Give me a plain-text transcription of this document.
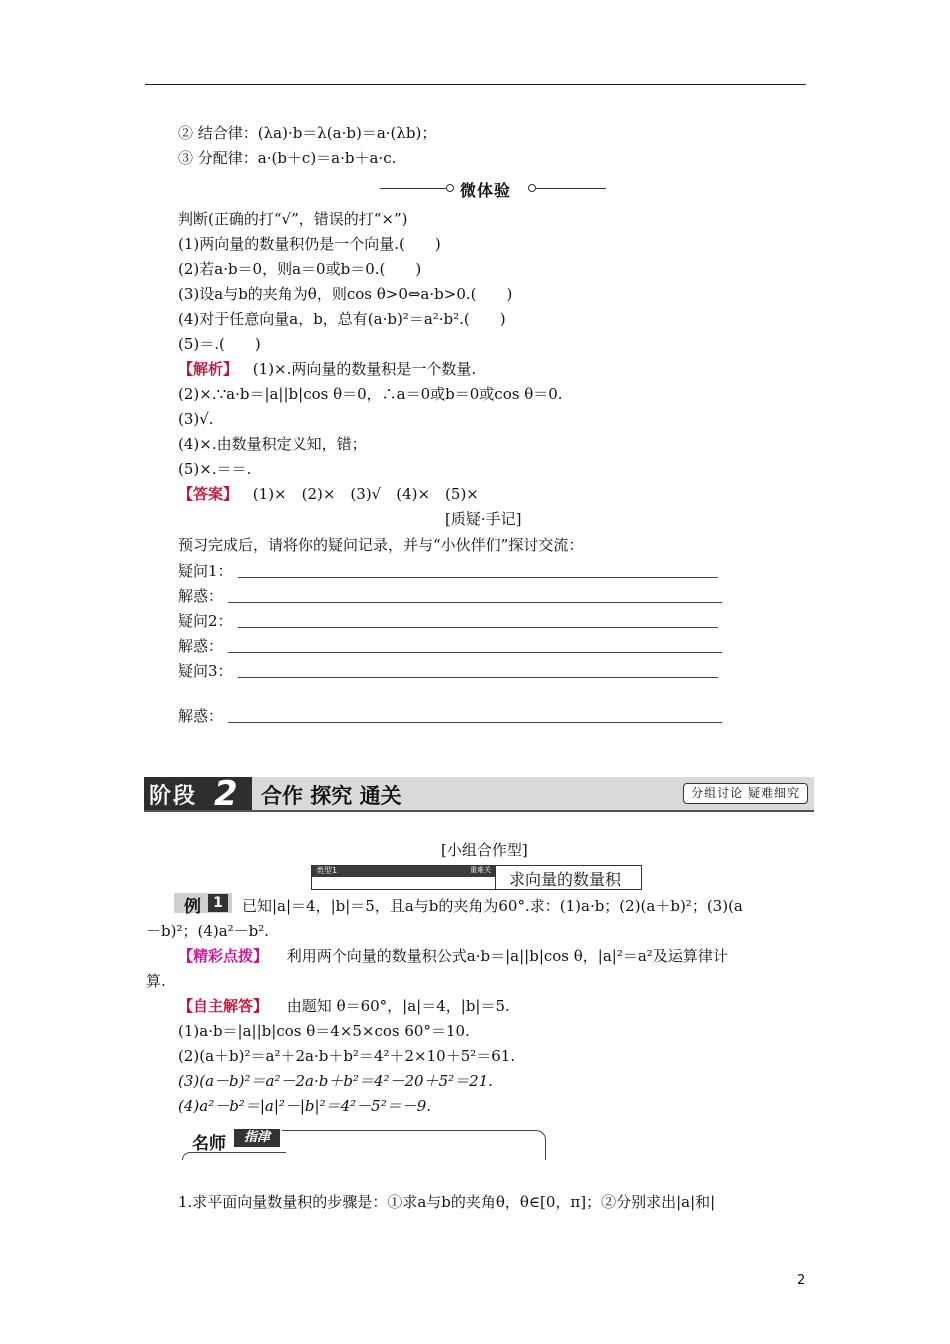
② 结合律：(λa)·b＝λ(a·b)＝a·(λb)；
③ 分配律：a·(b＋c)＝a·b＋a·c.
微体验
判断(正确的打“√”，错误的打“×”)
(1)两向量的数量积仍是一个向量.(　　)
(2)若a·b＝0，则a＝0或b＝0.(　　)
(3)设a与b的夹角为θ，则cos θ>0⇔a·b>0.(　　)
(4)对于任意向量a，b，总有(a·b)²＝a²·b².(　　)
(5)＝.(　　)
【解析】 (1)×.两向量的数量积是一个数量.
(2)×.∵a·b＝|a||b|cos θ＝0，∴a＝0或b＝0或cos θ＝0.
(3)√.
(4)×.由数量积定义知，错；
(5)×.＝＝.
【答案】 (1)×　(2)×　(3)√　(4)×　(5)×
[质疑·手记]
预习完成后，请将你的疑问记录，并与“小伙伴们”探讨交流：
疑问1：
解惑：
疑问2：
解惑：
疑问3：
解惑：
阶段 2 合作 探究 通关	分组讨论 疑难细究
[小组合作型]
类型1	重难关 求向量的数量积
例 1	已知|a|＝4，|b|＝5，且a与b的夹角为60°.求：(1)a·b；(2)(a＋b)²；(3)(a
－b)²；(4)a²－b².
【精彩点拨】 利用两个向量的数量积公式a·b＝|a||b|cos θ，|a|²＝a²及运算律计
算.
【自主解答】 由题知 θ＝60°，|a|＝4，|b|＝5.
(1)a·b＝|a||b|cos θ＝4×5×cos 60°＝10.
(2)(a＋b)²＝a²＋2a·b＋b²＝4²＋2×10＋5²＝61.
(3)(a－b)²＝a²－2a·b＋b²＝4²－20＋5²＝21.
(4)a²－b²＝|a|²－|b|²＝4²－5²＝－9.
名师	指津
1.求平面向量数量积的步骤是：①求a与b的夹角θ，θ∈[0，π]；②分别求出|a|和|
2
